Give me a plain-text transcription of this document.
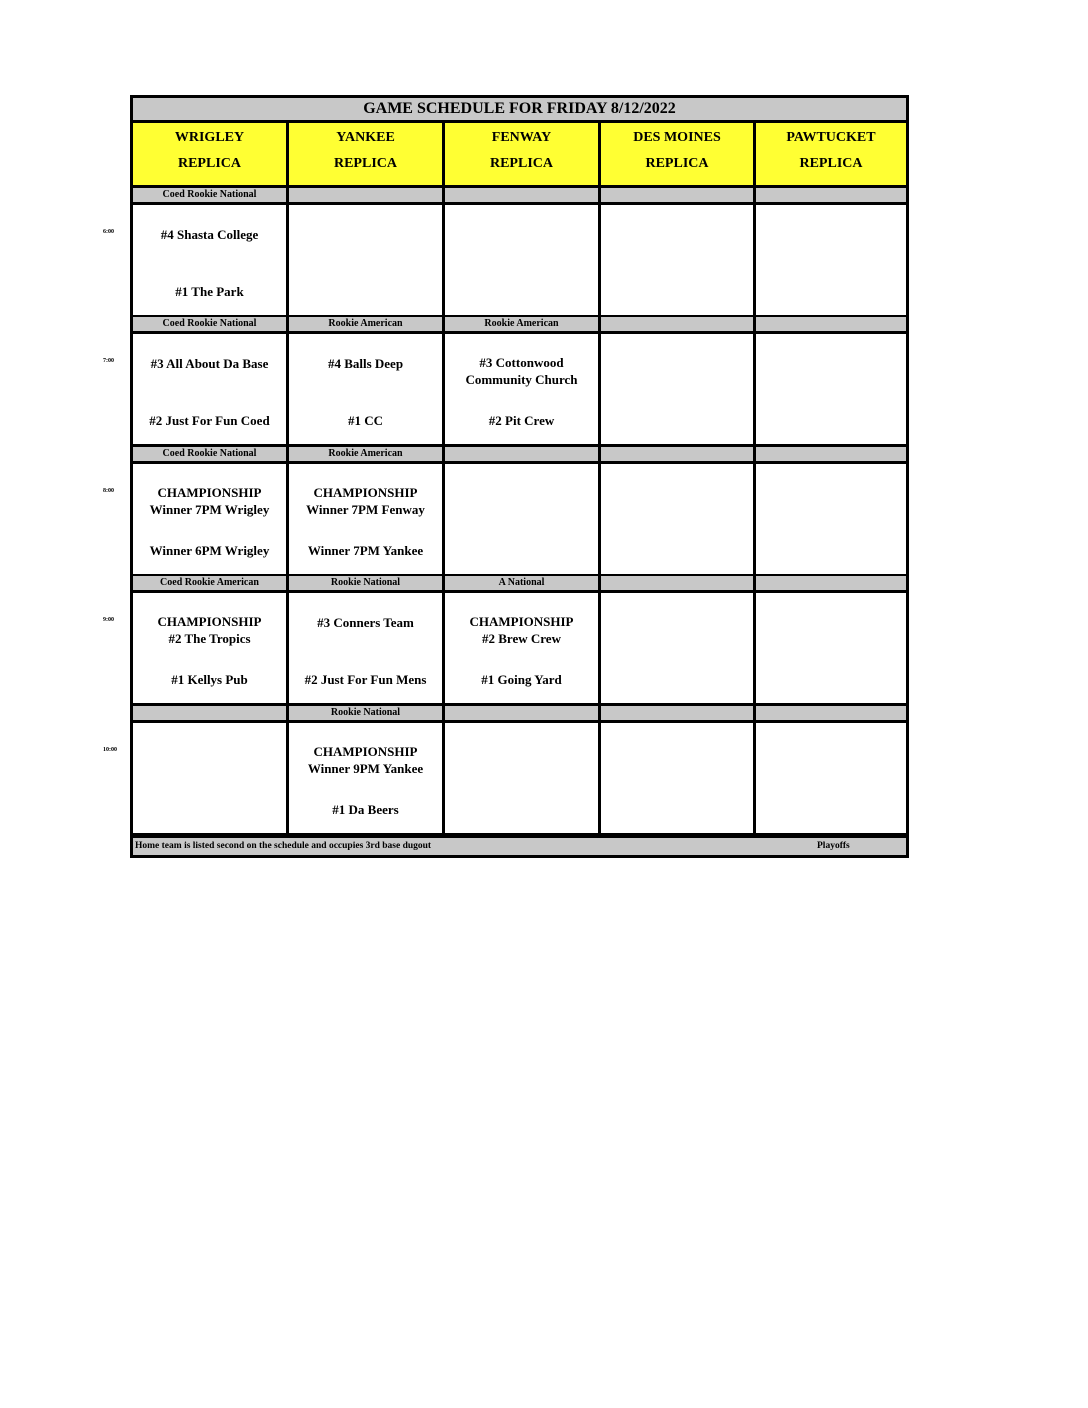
GAME SCHEDULE FOR FRIDAY 8/12/2022
WRIGLEY
REPLICA
YANKEE
REPLICA
FENWAY
REPLICA
DES MOINES
REPLICA
PAWTUCKET
REPLICA
Coed Rookie National
#4 Shasta College
#1 The Park
Coed Rookie National
#3 All About Da Base
#2 Just For Fun Coed
Rookie American
#4 Balls Deep
#1 CC
Rookie American
#3 Cottonwood
Community Church
#2 Pit Crew
Coed Rookie National
CHAMPIONSHIP
Winner 7PM Wrigley
Winner 6PM Wrigley
Rookie American
CHAMPIONSHIP
Winner 7PM Fenway
Winner 7PM Yankee
Coed Rookie American
CHAMPIONSHIP
#2 The Tropics
#1 Kellys Pub
Rookie National
#3 Conners Team
#2 Just For Fun Mens
A National
CHAMPIONSHIP
#2 Brew Crew
#1 Going Yard
Rookie National
CHAMPIONSHIP
Winner 9PM Yankee
#1 Da Beers
Home team is listed second on the schedule and occupies 3rd base dugout	Playoffs
6:00
7:00
8:00
9:00
10:00
